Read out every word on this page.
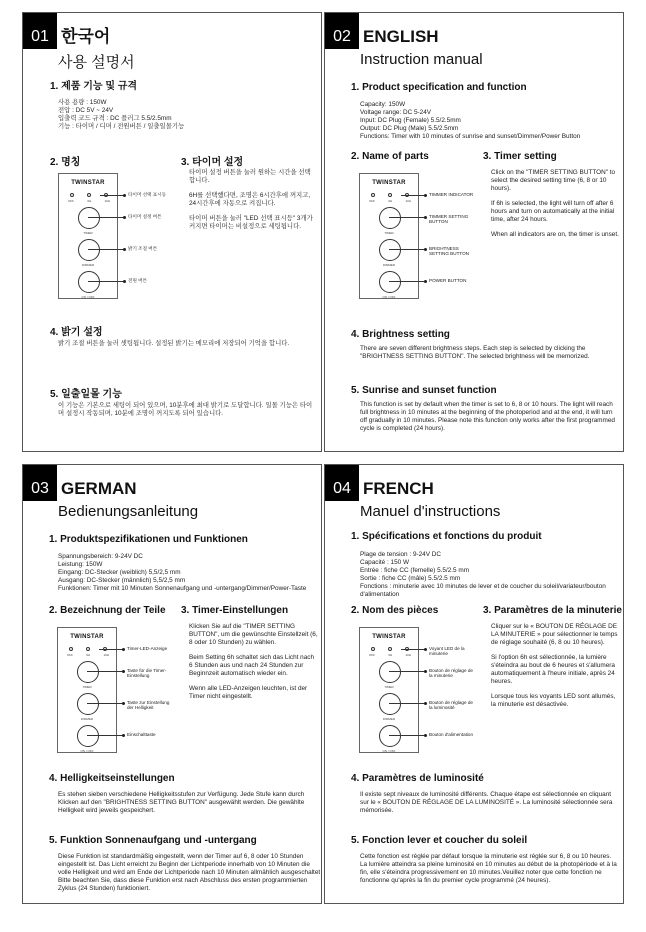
01 한국어
사용 설명서
1. 제품 기능 및 규격

사용 용량 : 150W

전압 : DC 5V ~ 24V

입출력 코드 규격 : DC 플러그 5.5/2.5mm

기능 : 타이머 / 디머 / 전원버튼 / 일출일몰기능

2. 명칭
TWINSTAR
OFF	6H	10H
TIMER
DIMMER
ON / OFF
타이머 선택 표시등
타이머 설정 버튼
밝기 조절 버튼
전원 버튼
3. 타이머 설정

타이머 설정 버튼을 눌러 원하는 시간을 선택합니다.

6H를 선택했다면, 조명은 6시간후에 꺼지고, 24시간후에 자동으로 켜집니다.

타이머 버튼을 눌러 "LED 선택 표시등" 3개가 커지면 타이머는 비설정으로 세팅됩니다.

4. 밝기 설정
밝기 조절 버튼을 눌러 셋팅됩니다. 설정된 밝기는 메모리에 저장되어 기억을 합니다.
5. 일출일몰 기능
이 기능은 기본으로 세팅이 되어 있으며, 10분후에 최대 밝기로 도달합니다. 일몰 기능은 타이머 설정시 작동되며, 10분에 조명이 꺼지도록 되어 있습니다.
02 ENGLISH
Instruction manual
1. Product specification and function

Capacity: 150W

Voltage range: DC 5-24V

Input: DC Plug (Female) 5.5/2.5mm

Output: DC Plug (Male) 5.5/2.5mm

Functions: Timer with 10 minutes of sunrise and sunset/Dimmer/Power Button

2. Name of parts
TWINSTAR
OFF	6H	10H
TIMER
DIMMER
ON / OFF
TIMMER INDICATOR
TIMMER SETTING BUTTON
BRIGHTNESS SETTING BUTTON
POWER BUTTON
3. Timer setting

Click on the "TIMER SETTING BUTTON" to select the desired setting time (6, 8 or 10 hours).

If 6h is selected, the light will turn off after 6 hours and turn on automatically at the initial time, after 24 hours.

When all indicators are on, the timer is unset.

4. Brightness setting
There are seven different brightness steps. Each step is selected by clicking the "BRIGHTNESS SETTING BUTTON". The selected brightness will be memorized.
5. Sunrise and sunset function
This function is set by default when the timer is set to 6, 8 or 10 hours. The light will reach full brightness in 10 minutes at the beginning of the photoperiod and at the end, it will turn off gradually in 10 minutes. Please note this function only works after the first programmed cycle is completed (24 hours).
03 GERMAN
Bedienungsanleitung
1. Produktspezifikationen und Funktionen

Spannungsbereich: 9-24V DC

Leistung: 150W

Eingang: DC-Stecker (weiblich) 5,5/2,5 mm

Ausgang: DC-Stecker (männlich) 5,5/2,5 mm

Funktionen: Timer mit 10 Minuten Sonnenaufgang und -untergang/Dimmer/Power-Taste

2. Bezeichnung der Teile
TWINSTAR
OFF	6H	10H
TIMER
DIMMER
ON / OFF
Timer-LED-Anzeige
Taste für die Timer-Einstellung
Taste zur Einstellung der Helligkeit
Einschalttaste
3. Timer-Einstellungen

Klicken Sie auf die "TIMER SETTING BUTTON", um die gewünschte Einstellzeit (6, 8 oder 10 Stunden) zu wählen.

Beim Setting 6h schaltet sich das Licht nach 6 Stunden aus und nach 24 Stunden zur Beginnzeit automatisch wieder ein.

Wenn alle LED-Anzeigen leuchten, ist der Timer nicht eingestellt.

4. Helligkeitseinstellungen
Es stehen sieben verschiedene Helligkeitsstufen zur Verfügung. Jede Stufe kann durch Klicken auf den "BRIGHTNESS SETTING BUTTON" ausgewählt werden. Die gewählte Helligkeit wird jeweils gespeichert.
5. Funktion Sonnenaufgang und -untergang
Diese Funktion ist standardmäßig eingestellt, wenn der Timer auf 6, 8 oder 10 Stunden eingestellt ist. Das Licht erreicht zu Beginn der Lichtperiode innerhalb von 10 Minuten die volle Helligkeit und wird am Ende der Lichtperiode nach 10 Minuten allmählich ausgeschaltet Bitte beachten Sie, dass diese Funktion erst nach Abschluss des ersten programmierten Zyklus (24 Stunden) funktioniert.
04 FRENCH
Manuel d'instructions
1. Spécifications et fonctions du produit

Plage de tension : 9-24V DC

Capacité : 150 W

Entrée : fiche CC (femelle) 5.5/2.5 mm

Sortie : fiche CC (mâle) 5.5/2.5 mm

Fonctions : minuterie avec 10 minutes de lever et de coucher du soleil/variateur/bouton d'alimentation

2. Nom des pièces
TWINSTAR
OFF	6H	10H
TIMER
DIMMER
ON / OFF
Voyant LED de la minuterie
Bouton de réglage de la minuterie
Bouton de réglage de la luminosité
Bouton d'alimentation
3. Paramètres de la minuterie

Cliquer sur le « BOUTON DE RÉGLAGE DE LA MINUTERIE » pour sélectionner le temps de réglage souhaité (6, 8 ou 10 heures).

Si l'option 6h est sélectionnée, la lumière s'éteindra au bout de 6 heures et s'allumera automatiquement à l'heure initiale, après 24 heures.

Lorsque tous les voyants LED sont allumés, la minuterie est désactivée.

4. Paramètres de luminosité
Il existe sept niveaux de luminosité différents. Chaque étape est sélectionnée en cliquant sur le « BOUTON DE RÉGLAGE DE LA LUMINOSITÉ ». La luminosité sélectionnée sera mémorisée.
5. Fonction lever et coucher du soleil
Cette fonction est réglée par défaut lorsque la minuterie est réglée sur 6, 8 ou 10 heures. La lumière atteindra sa pleine luminosité en 10 minutes au début de la photopériode et à la fin, elle s'éteindra progressivement en 10 minutes.Veuillez noter que cette fonction ne fonctionne qu'après la fin du premier cycle programmé (24 heures).
